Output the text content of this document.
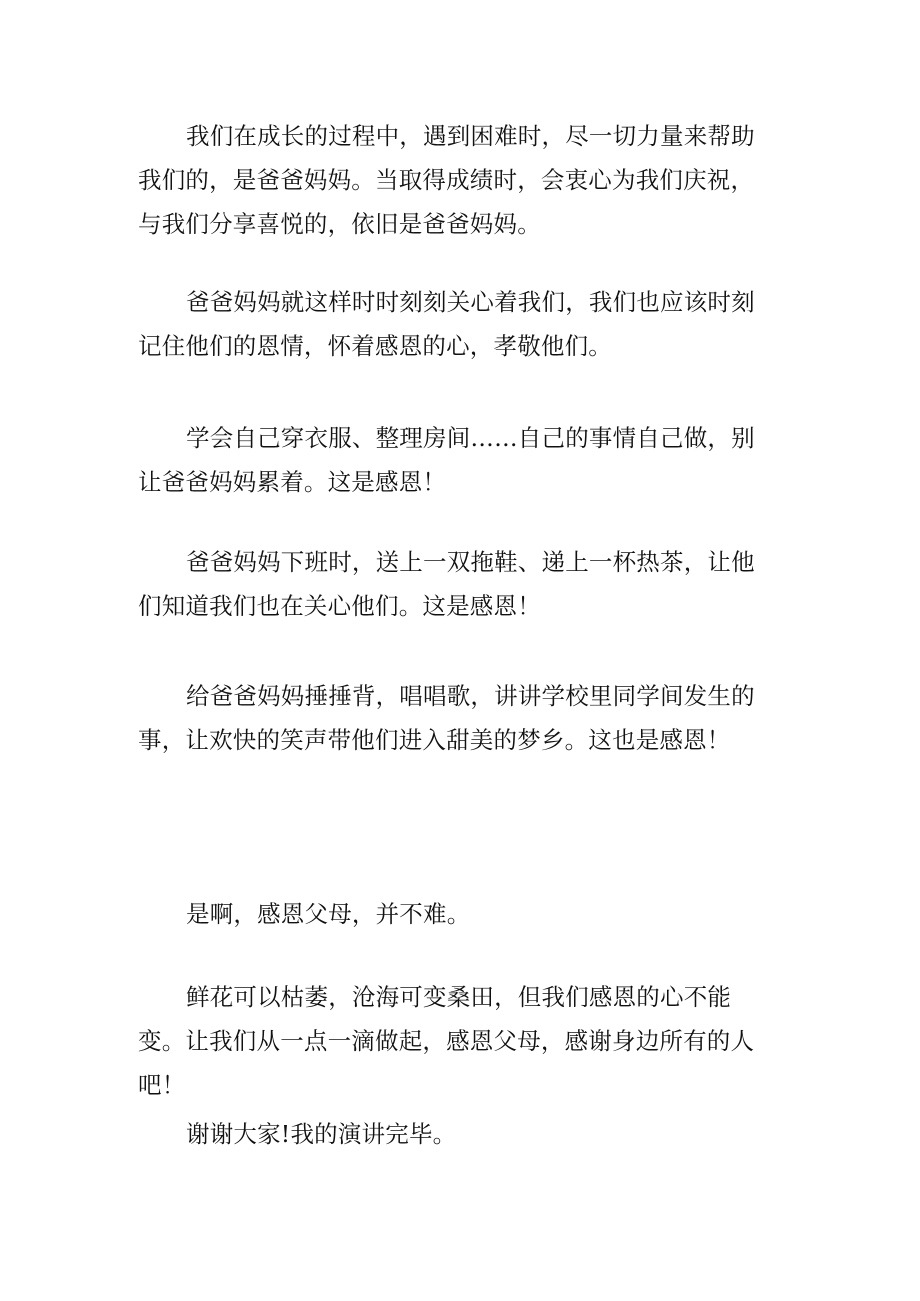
我们在成长的过程中，遇到困难时，尽一切力量来帮助我们的，是爸爸妈妈。当取得成绩时，会衷心为我们庆祝，与我们分享喜悦的，依旧是爸爸妈妈。

爸爸妈妈就这样时时刻刻关心着我们，我们也应该时刻记住他们的恩情，怀着感恩的心，孝敬他们。

学会自己穿衣服、整理房间……自己的事情自己做，别让爸爸妈妈累着。这是感恩！

爸爸妈妈下班时，送上一双拖鞋、递上一杯热茶，让他们知道我们也在关心他们。这是感恩！

给爸爸妈妈捶捶背，唱唱歌，讲讲学校里同学间发生的事，让欢快的笑声带他们进入甜美的梦乡。这也是感恩！

是啊，感恩父母，并不难。

鲜花可以枯萎，沧海可变桑田，但我们感恩的心不能变。让我们从一点一滴做起，感恩父母，感谢身边所有的人吧！

谢谢大家!我的演讲完毕。
